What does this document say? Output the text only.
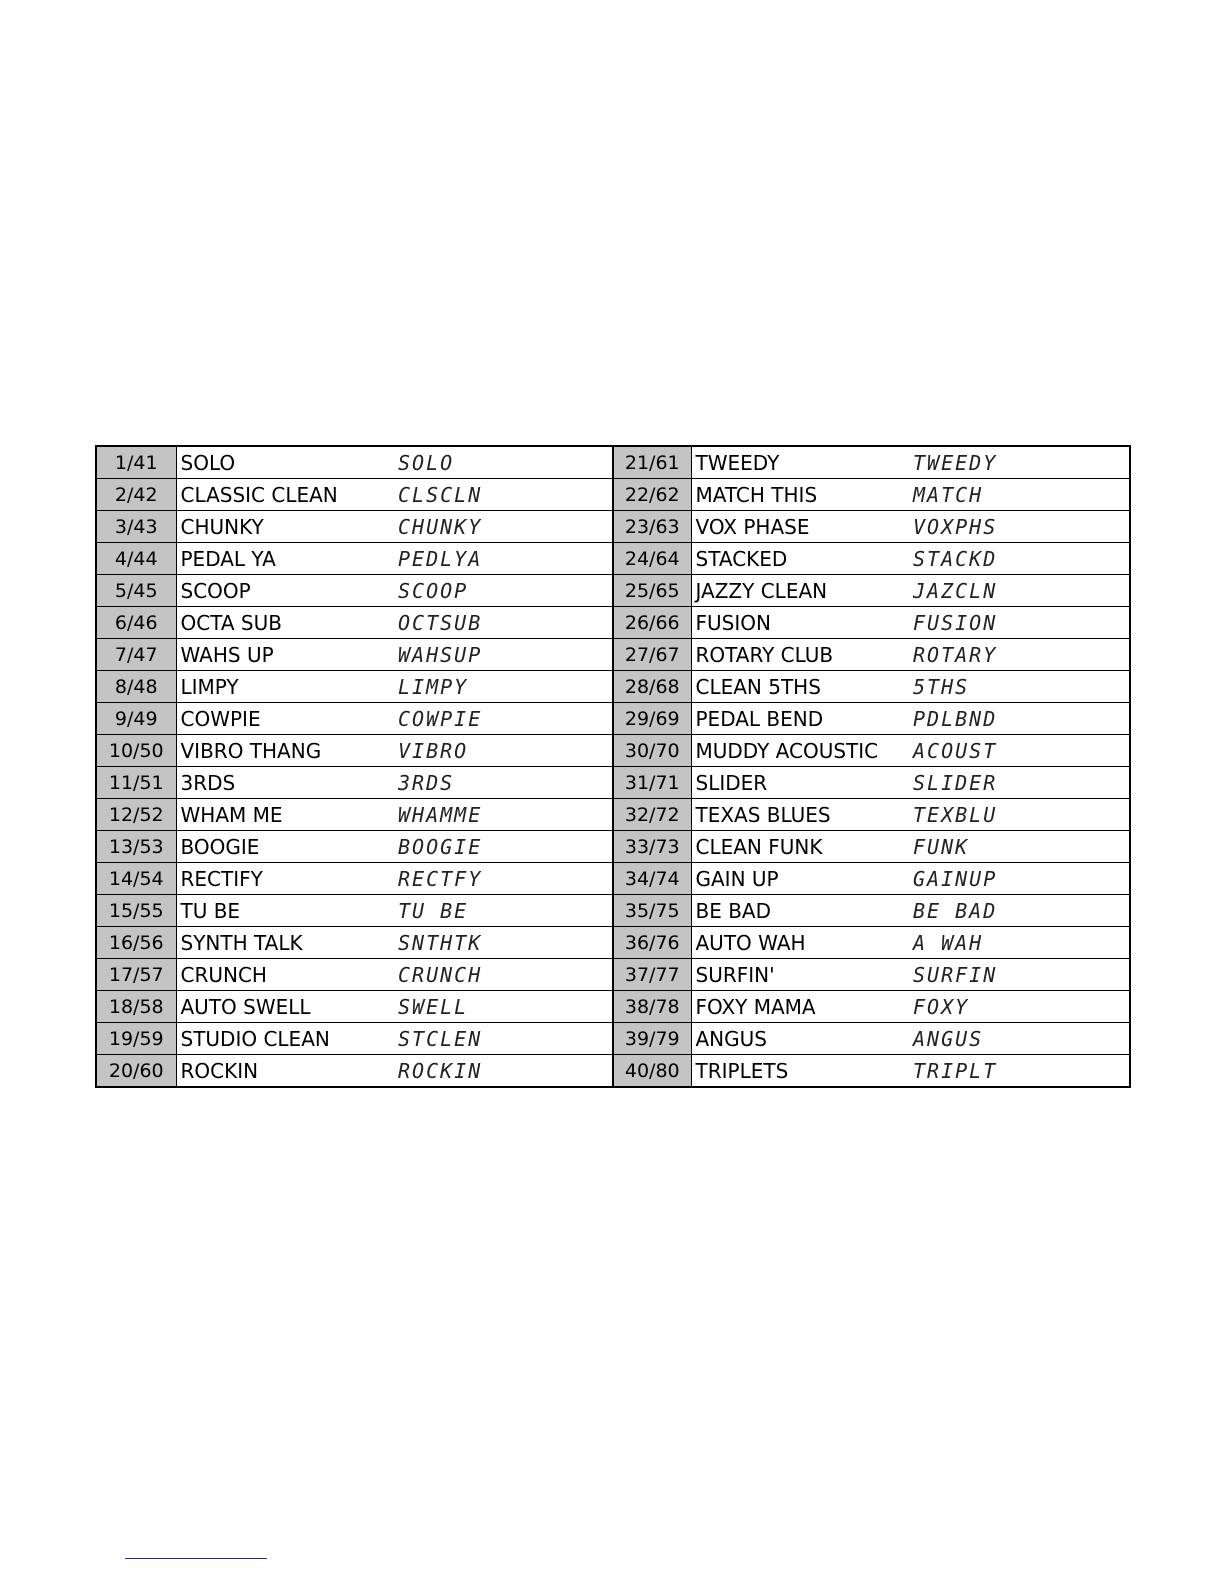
1/41	SOLO	SOLO	21/61	TWEEDY	TWEEDY
2/42	CLASSIC CLEAN	CLSCLN	22/62	MATCH THIS	MATCH
3/43	CHUNKY	CHUNKY	23/63	VOX PHASE	VOXPHS
4/44	PEDAL YA	PEDLYA	24/64	STACKED	STACKD
5/45	SCOOP	SCOOP	25/65	JAZZY CLEAN	JAZCLN
6/46	OCTA SUB	OCTSUB	26/66	FUSION	FUSION
7/47	WAHS UP	WAHSUP	27/67	ROTARY CLUB	ROTARY
8/48	LIMPY	LIMPY	28/68	CLEAN 5THS	5THS
9/49	COWPIE	COWPIE	29/69	PEDAL BEND	PDLBND
10/50	VIBRO THANG	VIBRO	30/70	MUDDY ACOUSTIC	ACOUST
11/51	3RDS	3RDS	31/71	SLIDER	SLIDER
12/52	WHAM ME	WHAMME	32/72	TEXAS BLUES	TEXBLU
13/53	BOOGIE	BOOGIE	33/73	CLEAN FUNK	FUNK
14/54	RECTIFY	RECTFY	34/74	GAIN UP	GAINUP
15/55	TU BE	TU BE	35/75	BE BAD	BE BAD
16/56	SYNTH TALK	SNTHTK	36/76	AUTO WAH	A WAH
17/57	CRUNCH	CRUNCH	37/77	SURFIN'	SURFIN
18/58	AUTO SWELL	SWELL	38/78	FOXY MAMA	FOXY
19/59	STUDIO CLEAN	STCLEN	39/79	ANGUS	ANGUS
20/60	ROCKIN	ROCKIN	40/80	TRIPLETS	TRIPLT
